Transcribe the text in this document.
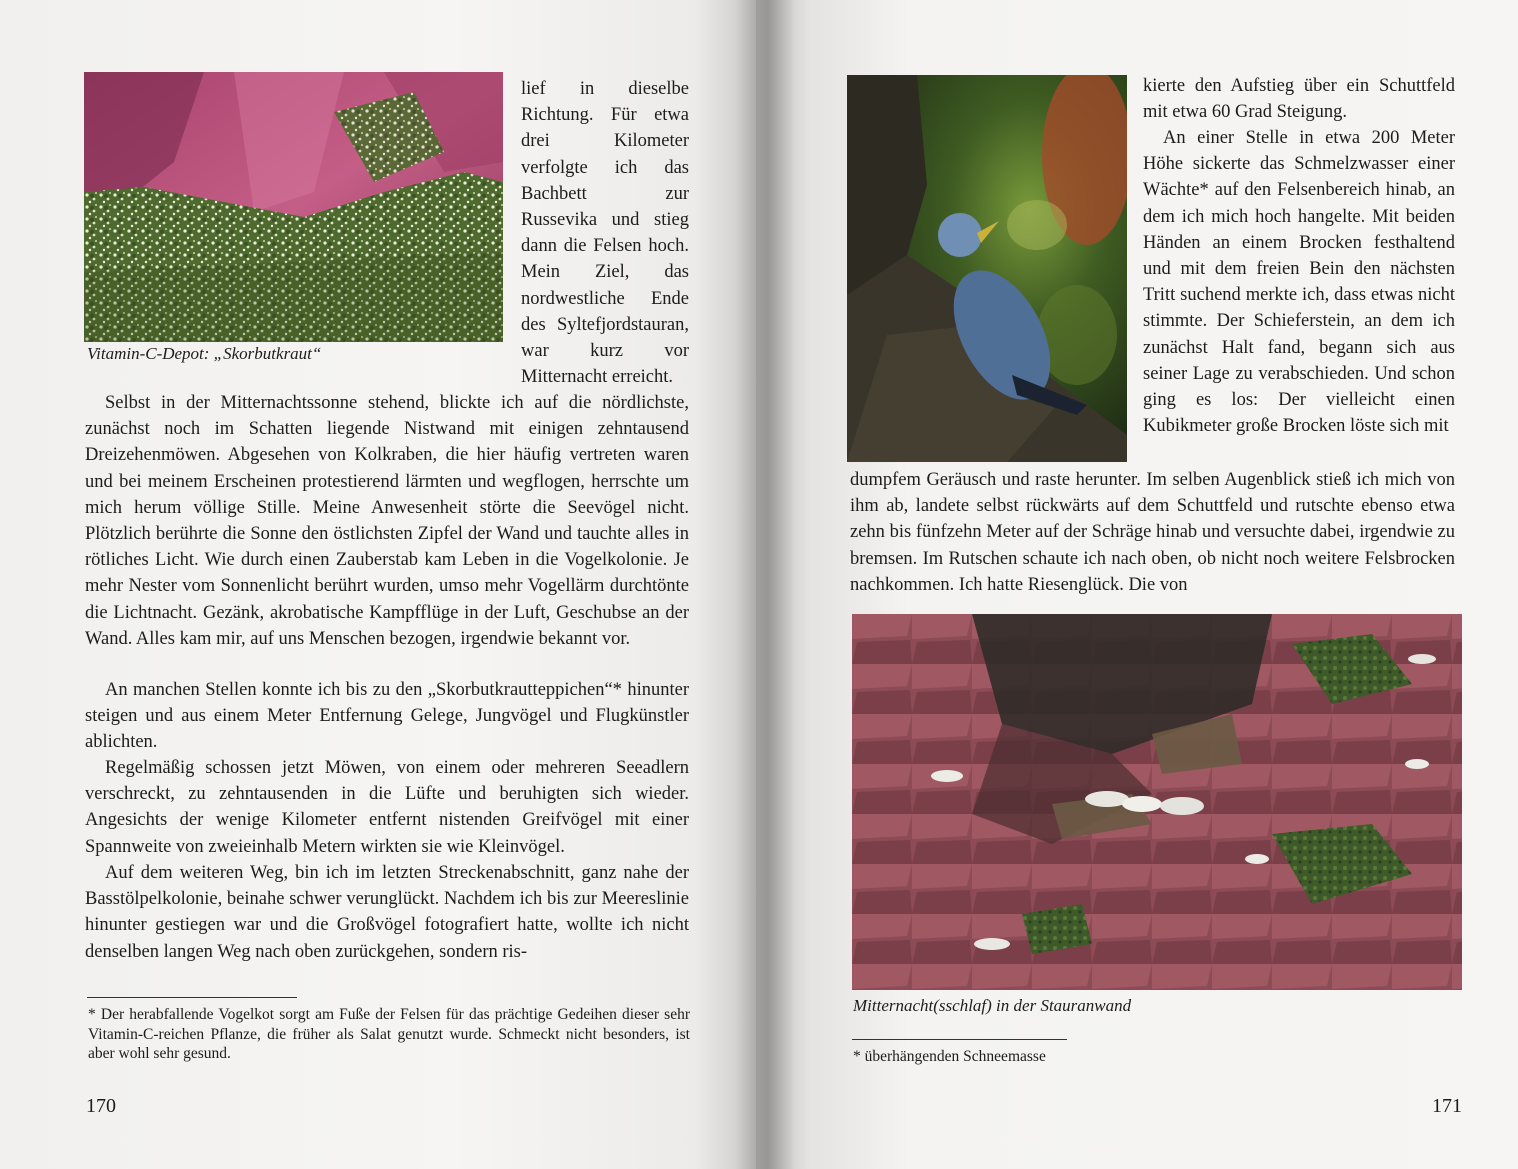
Vitamin-C-Depot: „Skorbutkraut“

lief in dieselbe Richtung. Für etwa drei Kilometer verfolgte ich das Bachbett zur Russevika und stieg dann die Felsen hoch. Mein Ziel, das nordwestliche Ende des Syltefjordstauran, war kurz vor Mitternacht erreicht.

Selbst in der Mitternachtssonne stehend, blickte ich auf die nördlichste, zunächst noch im Schatten liegende Nistwand mit einigen zehntausend Dreizehenmöwen. Abgesehen von Kolkraben, die hier häufig vertreten waren und bei meinem Erscheinen protestierend lärmten und wegflogen, herrschte um mich herum völlige Stille. Meine Anwesenheit störte die Seevögel nicht. Plötzlich berührte die Sonne den östlichsten Zipfel der Wand und tauchte alles in rötliches Licht. Wie durch einen Zauberstab kam Leben in die Vogelkolonie. Je mehr Nester vom Sonnenlicht berührt wurden, umso mehr Vogellärm durchtönte die Lichtnacht. Gezänk, akrobatische Kampfflüge in der Luft, Geschubse an der Wand. Alles kam mir, auf uns Menschen bezogen, irgendwie bekannt vor.

An manchen Stellen konnte ich bis zu den „Skorbutkrautteppichen“* hinunter steigen und aus einem Meter Entfernung Gelege, Jungvögel und Flugkünstler ablichten.

Regelmäßig schossen jetzt Möwen, von einem oder mehreren Seeadlern verschreckt, zu zehntausenden in die Lüfte und beruhigten sich wieder. Angesichts der wenige Kilometer entfernt nistenden Greifvögel mit einer Spannweite von zweieinhalb Metern wirkten sie wie Kleinvögel.

Auf dem weiteren Weg, bin ich im letzten Streckenabschnitt, ganz nahe der Basstölpelkolonie, beinahe schwer verunglückt. Nachdem ich bis zur Meereslinie hinunter gestiegen war und die Großvögel fotografiert hatte, wollte ich nicht denselben langen Weg nach oben zurückgehen, sondern ris-

* Der herabfallende Vogelkot sorgt am Fuße der Felsen für das prächtige Gedeihen dieser sehr Vitamin-C-reichen Pflanze, die früher als Salat genutzt wurde. Schmeckt nicht besonders, ist aber wohl sehr gesund.

170

kierte den Aufstieg über ein Schuttfeld mit etwa 60 Grad Steigung.

An einer Stelle in etwa 200 Meter Höhe sickerte das Schmelzwasser einer Wächte* auf den Felsenbereich hinab, an dem ich mich hoch hangelte. Mit beiden Händen an einem Brocken festhaltend und mit dem freien Bein den nächsten Tritt suchend merkte ich, dass etwas nicht stimmte. Der Schieferstein, an dem ich zunächst Halt fand, begann sich aus seiner Lage zu verabschieden. Und schon ging es los: Der vielleicht einen Kubikmeter große Brocken löste sich mit

dumpfem Geräusch und raste herunter. Im selben Augenblick stieß ich mich von ihm ab, landete selbst rückwärts auf dem Schuttfeld und rutschte ebenso etwa zehn bis fünfzehn Meter auf der Schräge hinab und versuchte dabei, irgendwie zu bremsen. Im Rutschen schaute ich nach oben, ob nicht noch weitere Felsbrocken nachkommen. Ich hatte Riesenglück. Die von

Mitternacht(sschlaf) in der Stauranwand

* überhängenden Schneemasse

171
